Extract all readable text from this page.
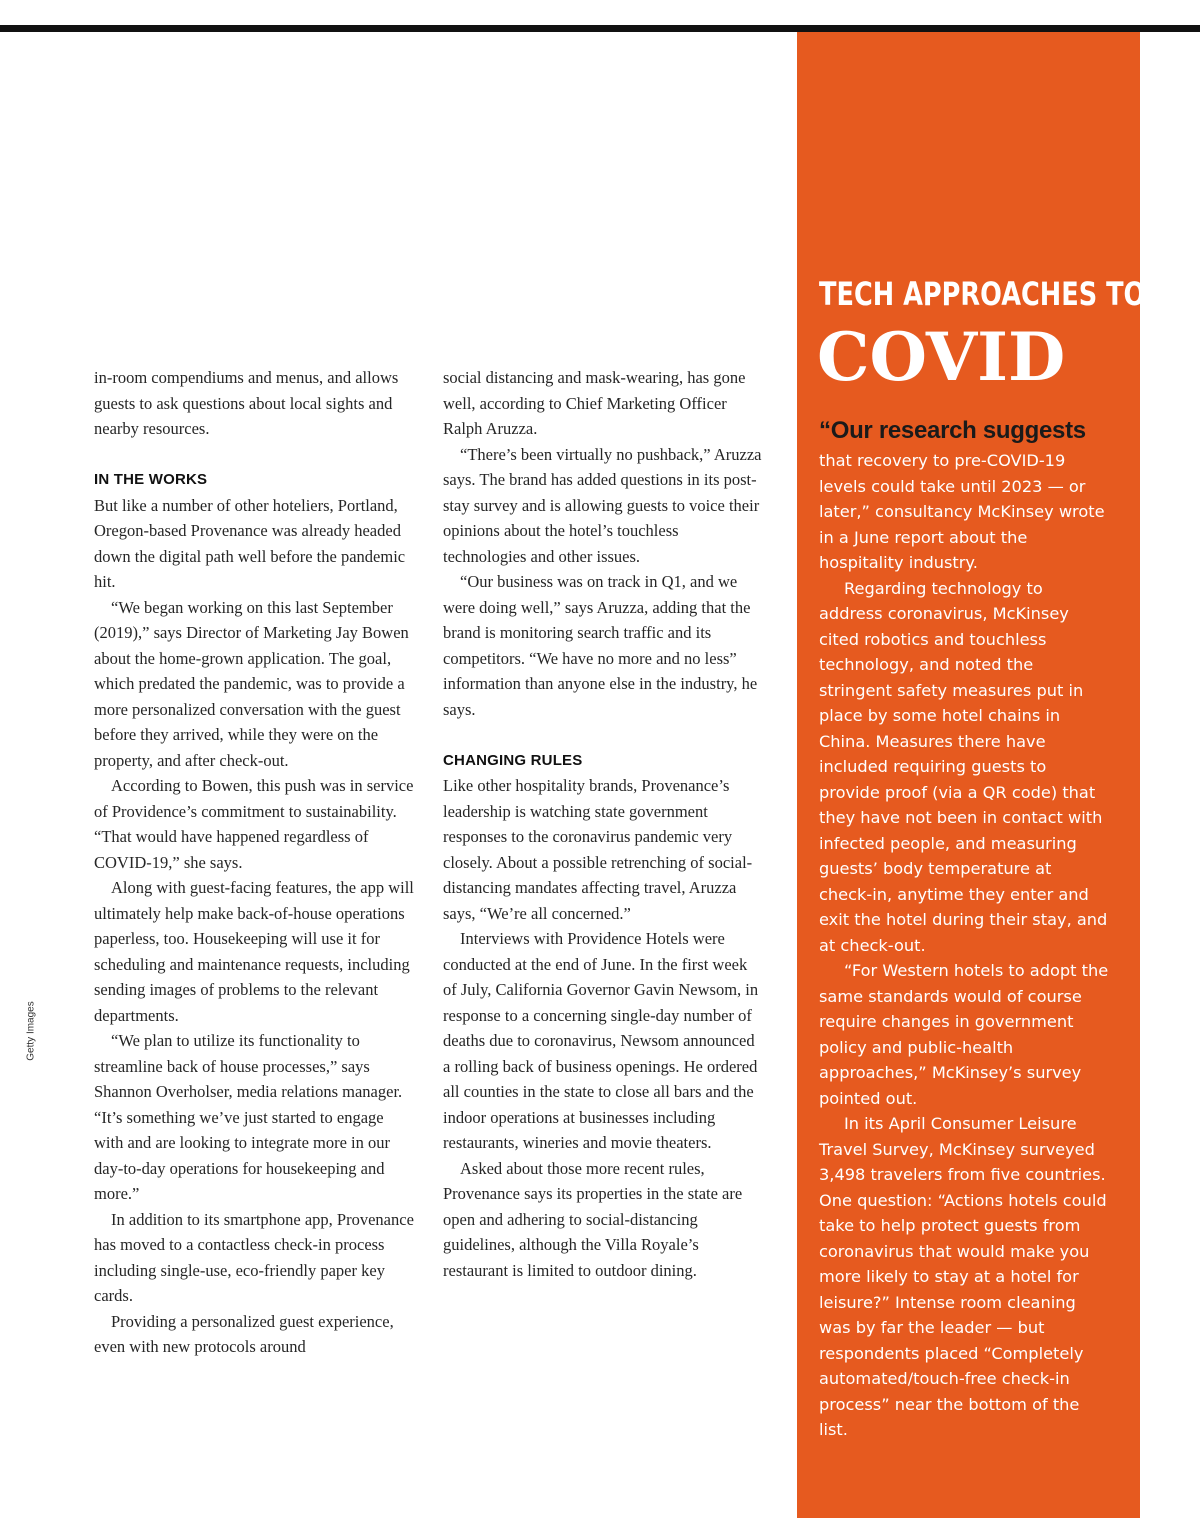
Getty Images

in-room compendiums and menus, and allows guests to ask questions about local sights and nearby resources.

IN THE WORKS

But like a number of other hoteliers, Portland, Oregon-based Provenance was already headed down the digital path well before the pandemic hit.

“We began working on this last September (2019),” says Director of Marketing Jay Bowen about the home-grown application. The goal, which predated the pandemic, was to provide a more personalized conversation with the guest before they arrived, while they were on the property, and after check-out.

According to Bowen, this push was in service of Providence’s commitment to sustainability. “That would have happened regardless of COVID-19,” she says.

Along with guest-facing features, the app will ultimately help make back-of-house operations paperless, too. Housekeeping will use it for scheduling and maintenance requests, including sending images of problems to the relevant departments.

“We plan to utilize its functionality to streamline back of house processes,” says Shannon Overholser, media relations manager. “It’s something we’ve just started to engage with and are looking to integrate more in our day-to-day operations for housekeeping and more.”

In addition to its smartphone app, Provenance has moved to a contactless check-in process including single-use, eco-friendly paper key cards.

Providing a personalized guest experience, even with new protocols around

social distancing and mask-wearing, has gone well, according to Chief Marketing Officer Ralph Aruzza.

“There’s been virtually no pushback,” Aruzza says. The brand has added questions in its post-stay survey and is allowing guests to voice their opinions about the hotel’s touchless technologies and other issues.

“Our business was on track in Q1, and we were doing well,” says Aruzza, adding that the brand is monitoring search traffic and its competitors. “We have no more and no less” information than anyone else in the industry, he says.

CHANGING RULES

Like other hospitality brands, Provenance’s leadership is watching state government responses to the coronavirus pandemic very closely. About a possible retrenching of social-distancing mandates affecting travel, Aruzza says, “We’re all concerned.”

Interviews with Providence Hotels were conducted at the end of June. In the first week of July, California Governor Gavin Newsom, in response to a concerning single-day number of deaths due to coronavirus, Newsom announced a rolling back of business openings. He ordered all counties in the state to close all bars and the indoor operations at businesses including restaurants, wineries and movie theaters.

Asked about those more recent rules, Provenance says its properties in the state are open and adhering to social-distancing guidelines, although the Villa Royale’s restaurant is limited to outdoor dining.

TECH APPROACHES TO
COVID
“Our research suggests

that recovery to pre-COVID-19 levels could take until 2023 — or later,” consultancy McKinsey wrote in a June report about the hospitality industry.

Regarding technology to address coronavirus, McKinsey cited robotics and touchless technology, and noted the stringent safety measures put in place by some hotel chains in China. Measures there have included requiring guests to provide proof (via a QR code) that they have not been in contact with infected people, and measuring guests’ body temperature at check-in, anytime they enter and exit the hotel during their stay, and at check-out.

“For Western hotels to adopt the same standards would of course require changes in government policy and public-health approaches,” McKinsey’s survey pointed out.

In its April Consumer Leisure Travel Survey, McKinsey surveyed 3,498 travelers from five countries. One question: “Actions hotels could take to help protect guests from coronavirus that would make you more likely to stay at a hotel for leisure?” Intense room cleaning was by far the leader — but respondents placed “Completely automated/touch-free check-in process” near the bottom of the list.
